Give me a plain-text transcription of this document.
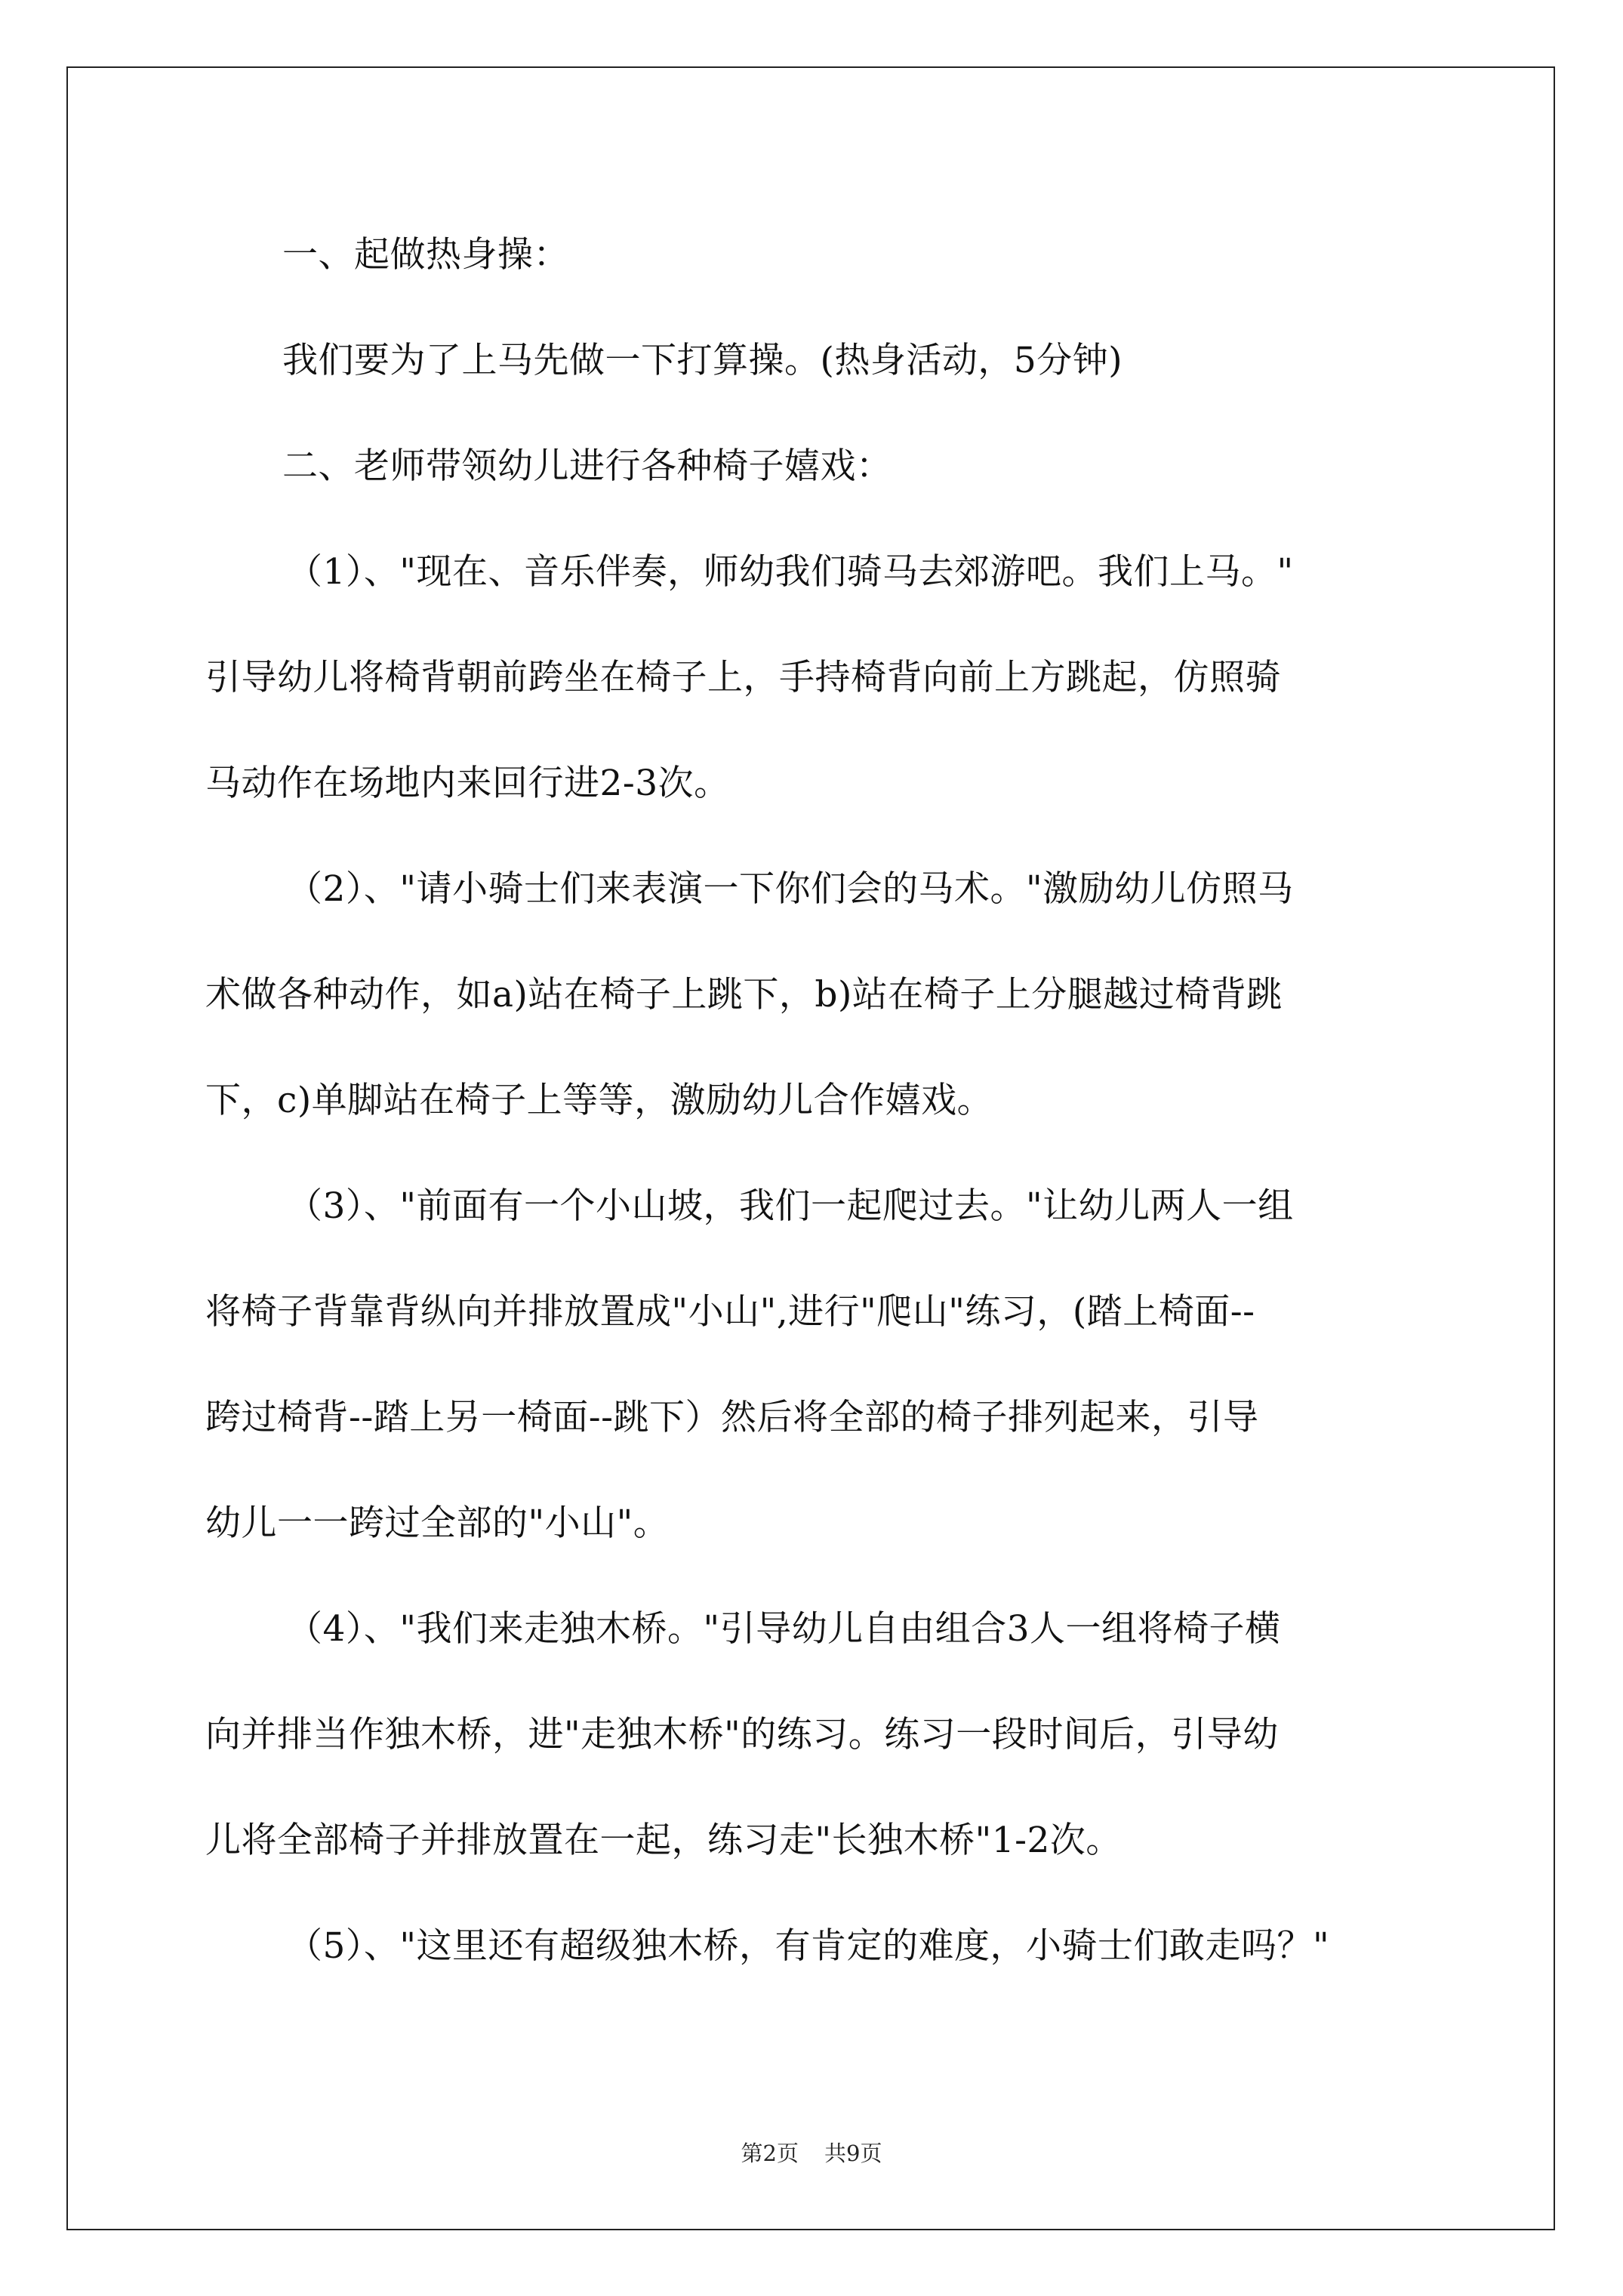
一、起做热身操：
我们要为了上马先做一下打算操。(热身活动，5分钟)
二、老师带领幼儿进行各种椅子嬉戏：
（1）、"现在、音乐伴奏，师幼我们骑马去郊游吧。我们上马。"
引导幼儿将椅背朝前跨坐在椅子上，手持椅背向前上方跳起，仿照骑
马动作在场地内来回行进2-3次。
（2）、"请小骑士们来表演一下你们会的马术。"激励幼儿仿照马
术做各种动作，如a)站在椅子上跳下，b)站在椅子上分腿越过椅背跳
下，c)单脚站在椅子上等等，激励幼儿合作嬉戏。
（3）、"前面有一个小山坡，我们一起爬过去。"让幼儿两人一组
将椅子背靠背纵向并排放置成"小山",进行"爬山"练习，(踏上椅面--
跨过椅背--踏上另一椅面--跳下）然后将全部的椅子排列起来，引导
幼儿一一跨过全部的"小山"。
（4）、"我们来走独木桥。"引导幼儿自由组合3人一组将椅子横
向并排当作独木桥，进"走独木桥"的练习。练习一段时间后，引导幼
儿将全部椅子并排放置在一起，练习走"长独木桥"1-2次。
（5）、"这里还有超级独木桥，有肯定的难度，小骑士们敢走吗？"
第2页 共9页
